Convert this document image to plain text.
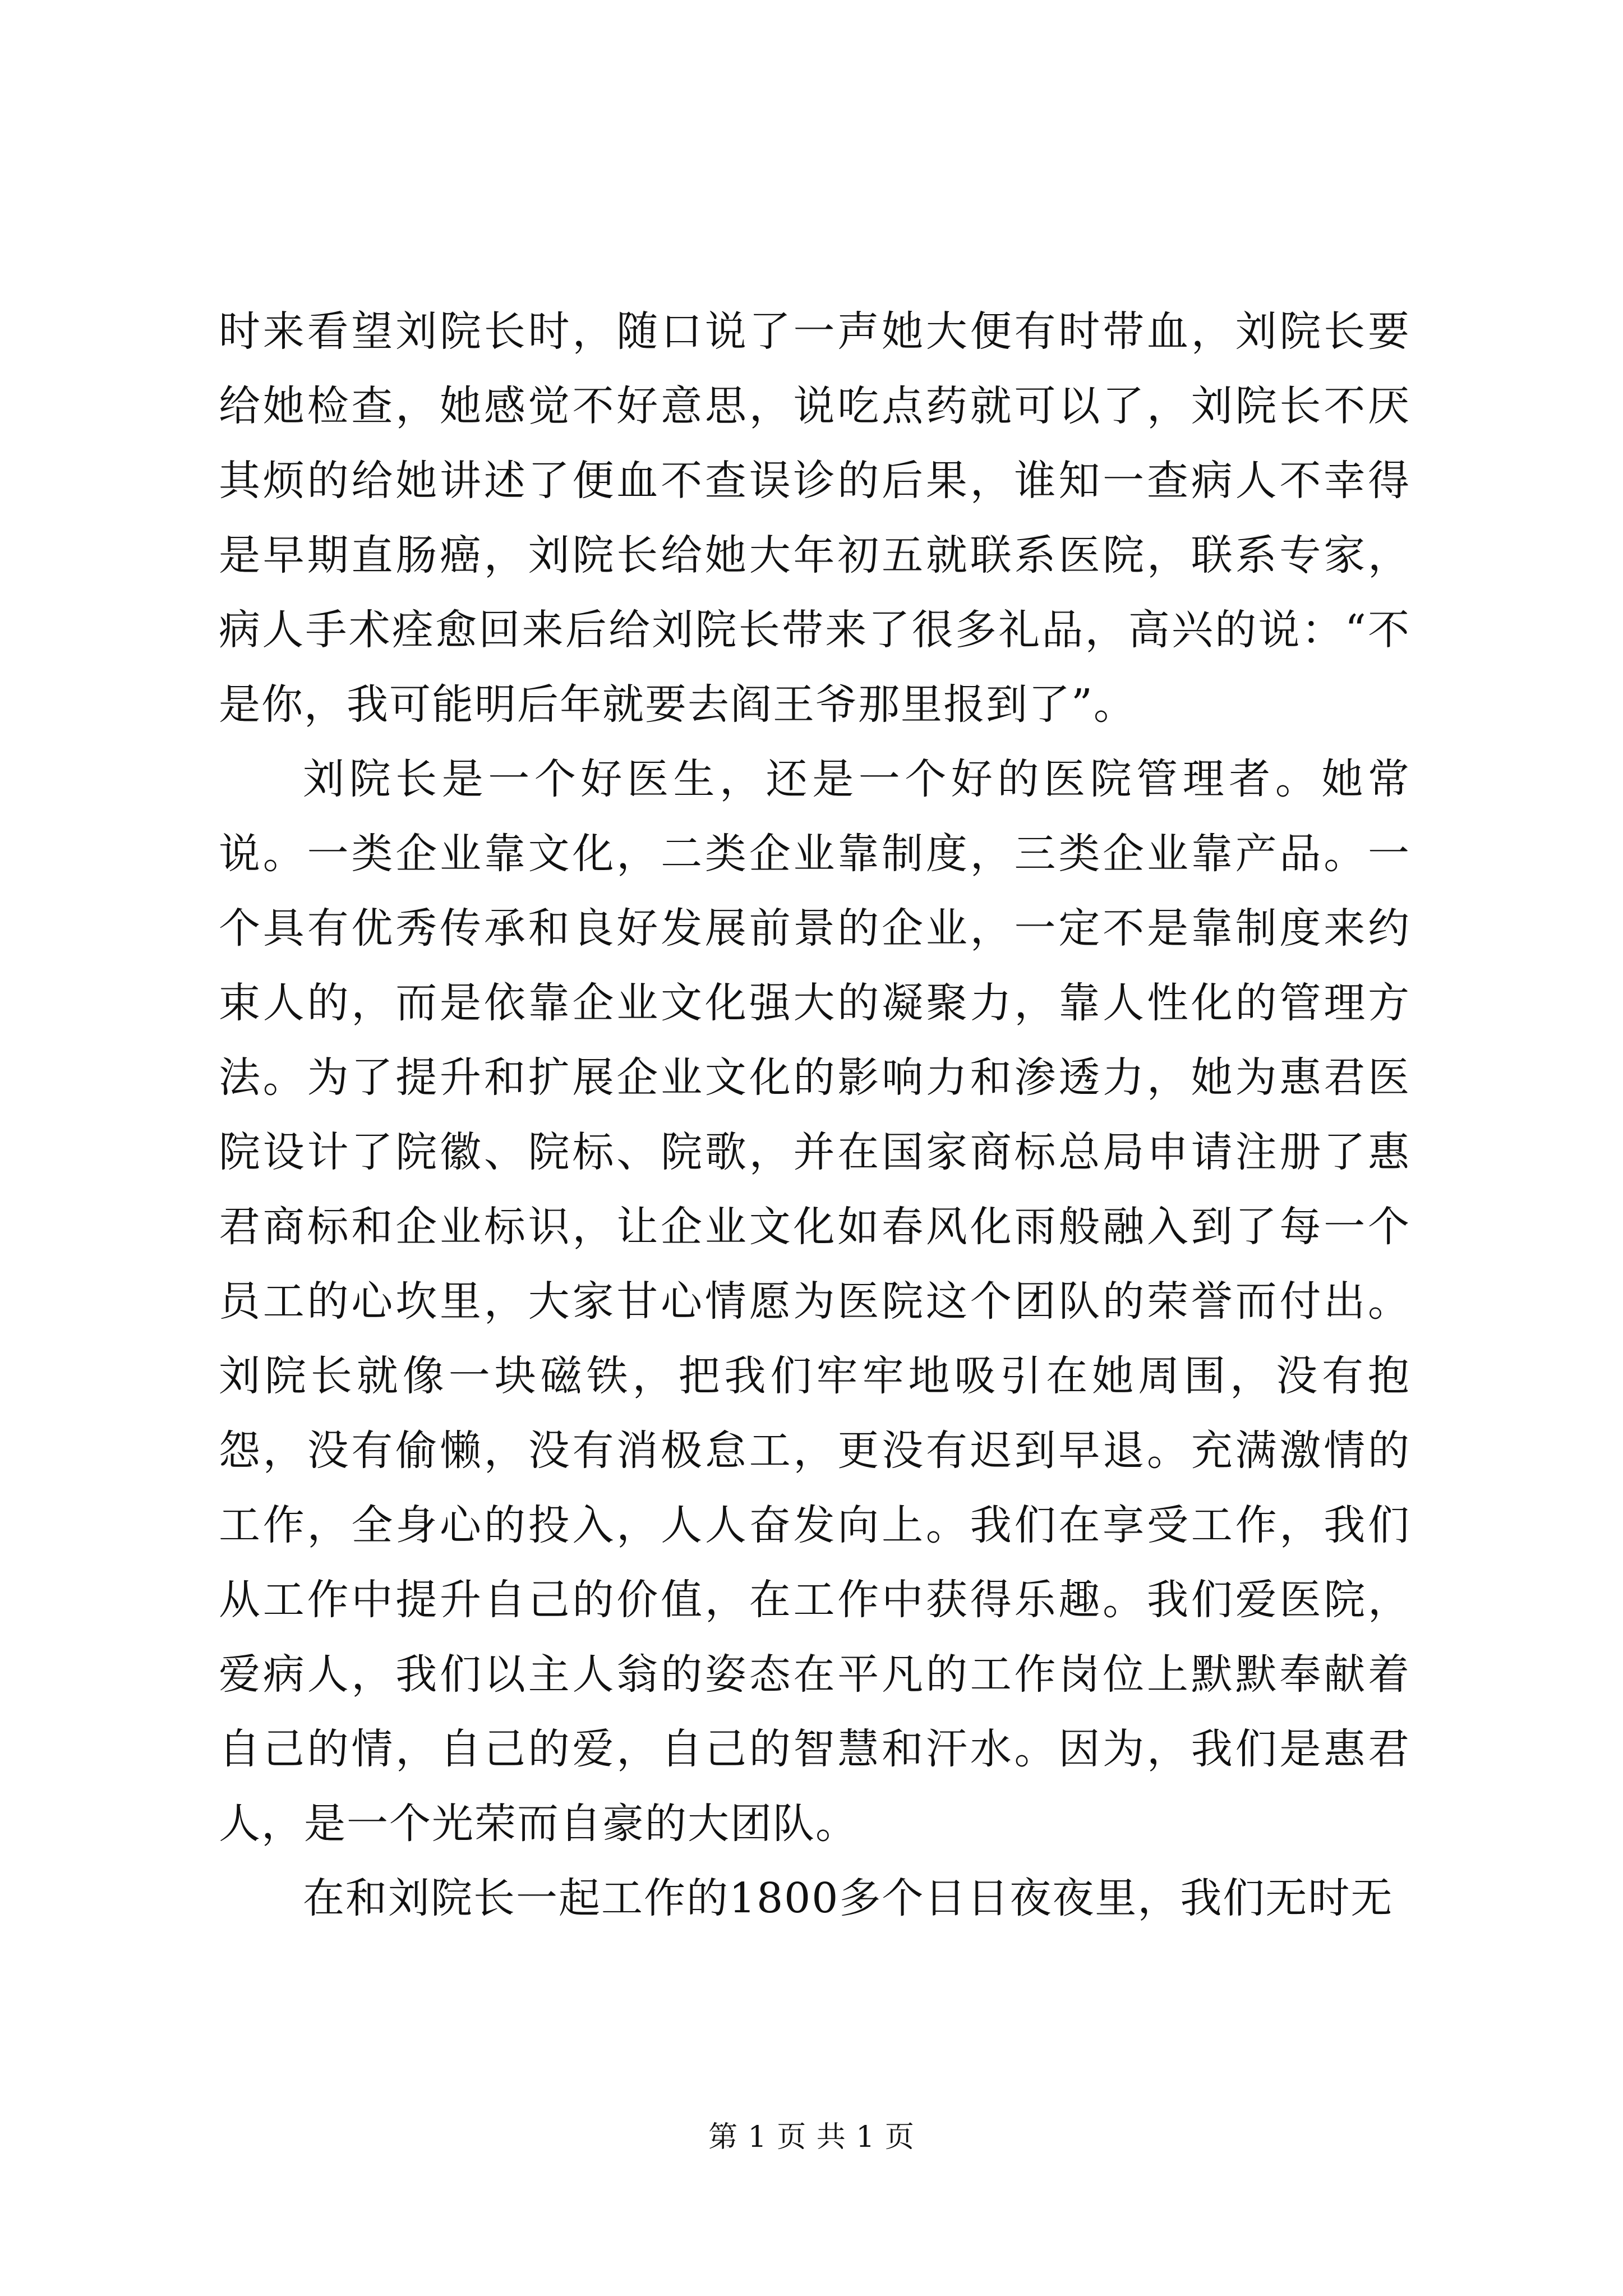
时来看望刘院长时，随口说了一声她大便有时带血，刘院长要给她检查，她感觉不好意思，说吃点药就可以了，刘院长不厌其烦的给她讲述了便血不查误诊的后果，谁知一查病人不幸得是早期直肠癌，刘院长给她大年初五就联系医院，联系专家，病人手术痊愈回来后给刘院长带来了很多礼品，高兴的说：“不是你，我可能明后年就要去阎王爷那里报到了”。

刘院长是一个好医生，还是一个好的医院管理者。她常说。一类企业靠文化，二类企业靠制度，三类企业靠产品。一个具有优秀传承和良好发展前景的企业，一定不是靠制度来约束人的，而是依靠企业文化强大的凝聚力，靠人性化的管理方法。为了提升和扩展企业文化的影响力和渗透力，她为惠君医院设计了院徽、院标、院歌，并在国家商标总局申请注册了惠君商标和企业标识，让企业文化如春风化雨般融入到了每一个员工的心坎里，大家甘心情愿为医院这个团队的荣誉而付出。刘院长就像一块磁铁，把我们牢牢地吸引在她周围，没有抱怨，没有偷懒，没有消极怠工，更没有迟到早退。充满激情的工作，全身心的投入，人人奋发向上。我们在享受工作，我们从工作中提升自己的价值，在工作中获得乐趣。我们爱医院，爱病人，我们以主人翁的姿态在平凡的工作岗位上默默奉献着自己的情，自己的爱，自己的智慧和汗水。因为，我们是惠君人，是一个光荣而自豪的大团队。

在和刘院长一起工作的1800多个日日夜夜里，我们无时无

第 1 页 共 1 页
